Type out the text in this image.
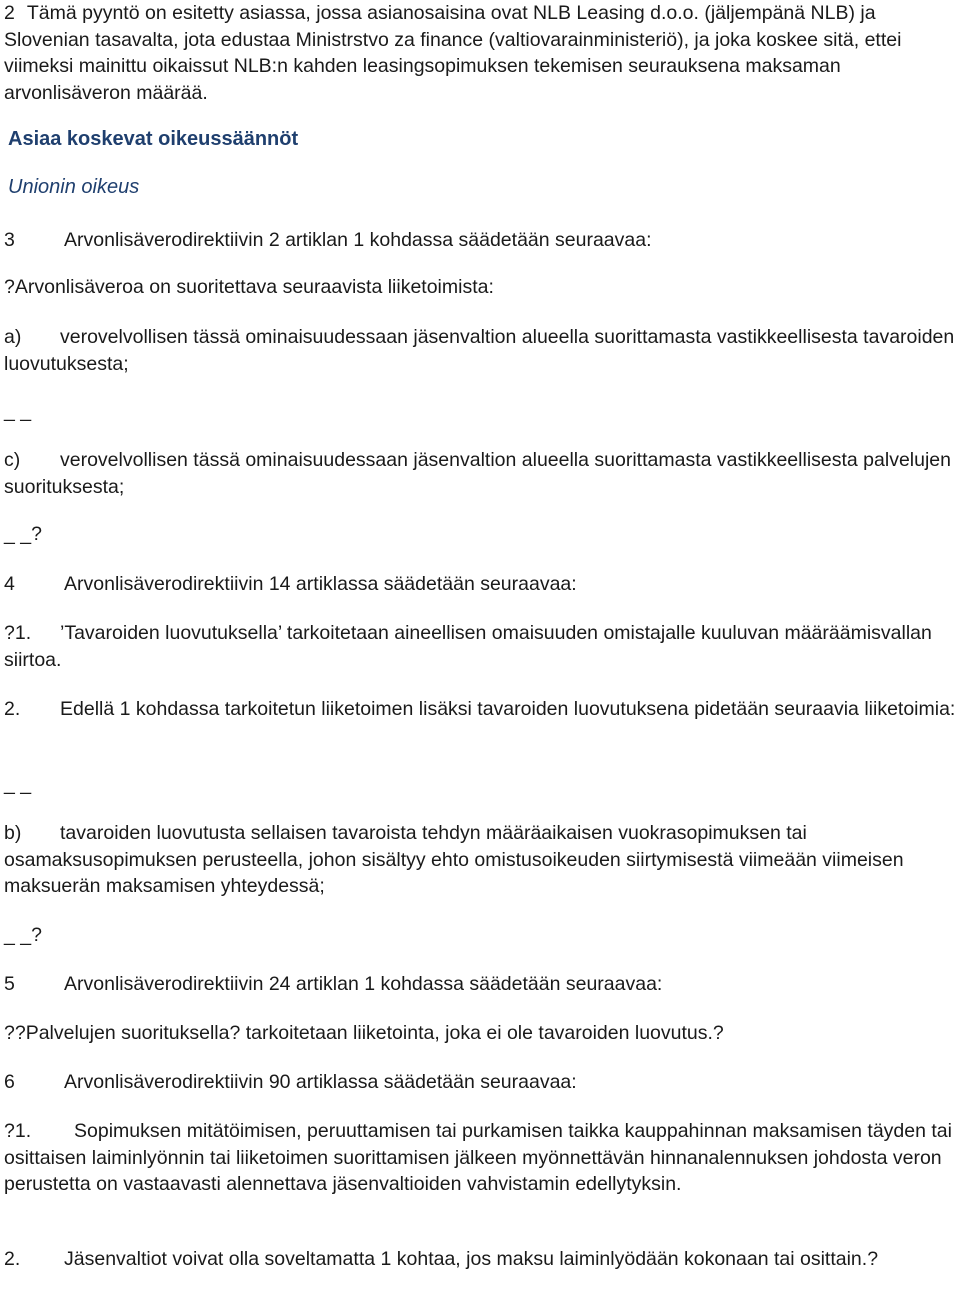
2 Tämä pyyntö on esitetty asiassa, jossa asianosaisina ovat NLB Leasing d.o.o. (jäljempänä NLB) ja Slovenian tasavalta, jota edustaa Ministrstvo za finance (valtiovarainministeriö), ja joka koskee sitä, ettei viimeksi mainittu oikaissut NLB:n kahden leasingsopimuksen tekemisen seurauksena maksaman arvonlisäveron määrää.
Asiaa koskevat oikeussäännöt
Unionin oikeus
3	Arvonlisäverodirektiivin 2 artiklan 1 kohdassa säädetään seuraavaa:
?Arvonlisäveroa on suoritettava seuraavista liiketoimista:
a) verovelvollisen tässä ominaisuudessaan jäsenvaltion alueella suorittamasta vastikkeellisesta tavaroiden luovutuksesta;
_ _
c) verovelvollisen tässä ominaisuudessaan jäsenvaltion alueella suorittamasta vastikkeellisesta palvelujen suorituksesta;
_ _?
4	Arvonlisäverodirektiivin 14 artiklassa säädetään seuraavaa:
?1. ’Tavaroiden luovutuksella’ tarkoitetaan aineellisen omaisuuden omistajalle kuuluvan määräämisvallan siirtoa.
2. Edellä 1 kohdassa tarkoitetun liiketoimen lisäksi tavaroiden luovutuksena pidetään seuraavia liiketoimia:
_ _
b) tavaroiden luovutusta sellaisen tavaroista tehdyn määräaikaisen vuokrasopimuksen tai osamaksusopimuksen perusteella, johon sisältyy ehto omistusoikeuden siirtymisestä viimeään viimeisen maksuerän maksamisen yhteydessä;
_ _?
5	Arvonlisäverodirektiivin 24 artiklan 1 kohdassa säädetään seuraavaa:
??Palvelujen suorituksella? tarkoitetaan liiketointa, joka ei ole tavaroiden luovutus.?
6	Arvonlisäverodirektiivin 90 artiklassa säädetään seuraavaa:
?1. Sopimuksen mitätöimisen, peruuttamisen tai purkamisen taikka kauppahinnan maksamisen täyden tai osittaisen laiminlyönnin tai liiketoimen suorittamisen jälkeen myönnettävän hinnanalennuksen johdosta veron perustetta on vastaavasti alennettava jäsenvaltioiden vahvistamin edellytyksin.
2. Jäsenvaltiot voivat olla soveltamatta 1 kohtaa, jos maksu laiminlyödään kokonaan tai osittain.?
